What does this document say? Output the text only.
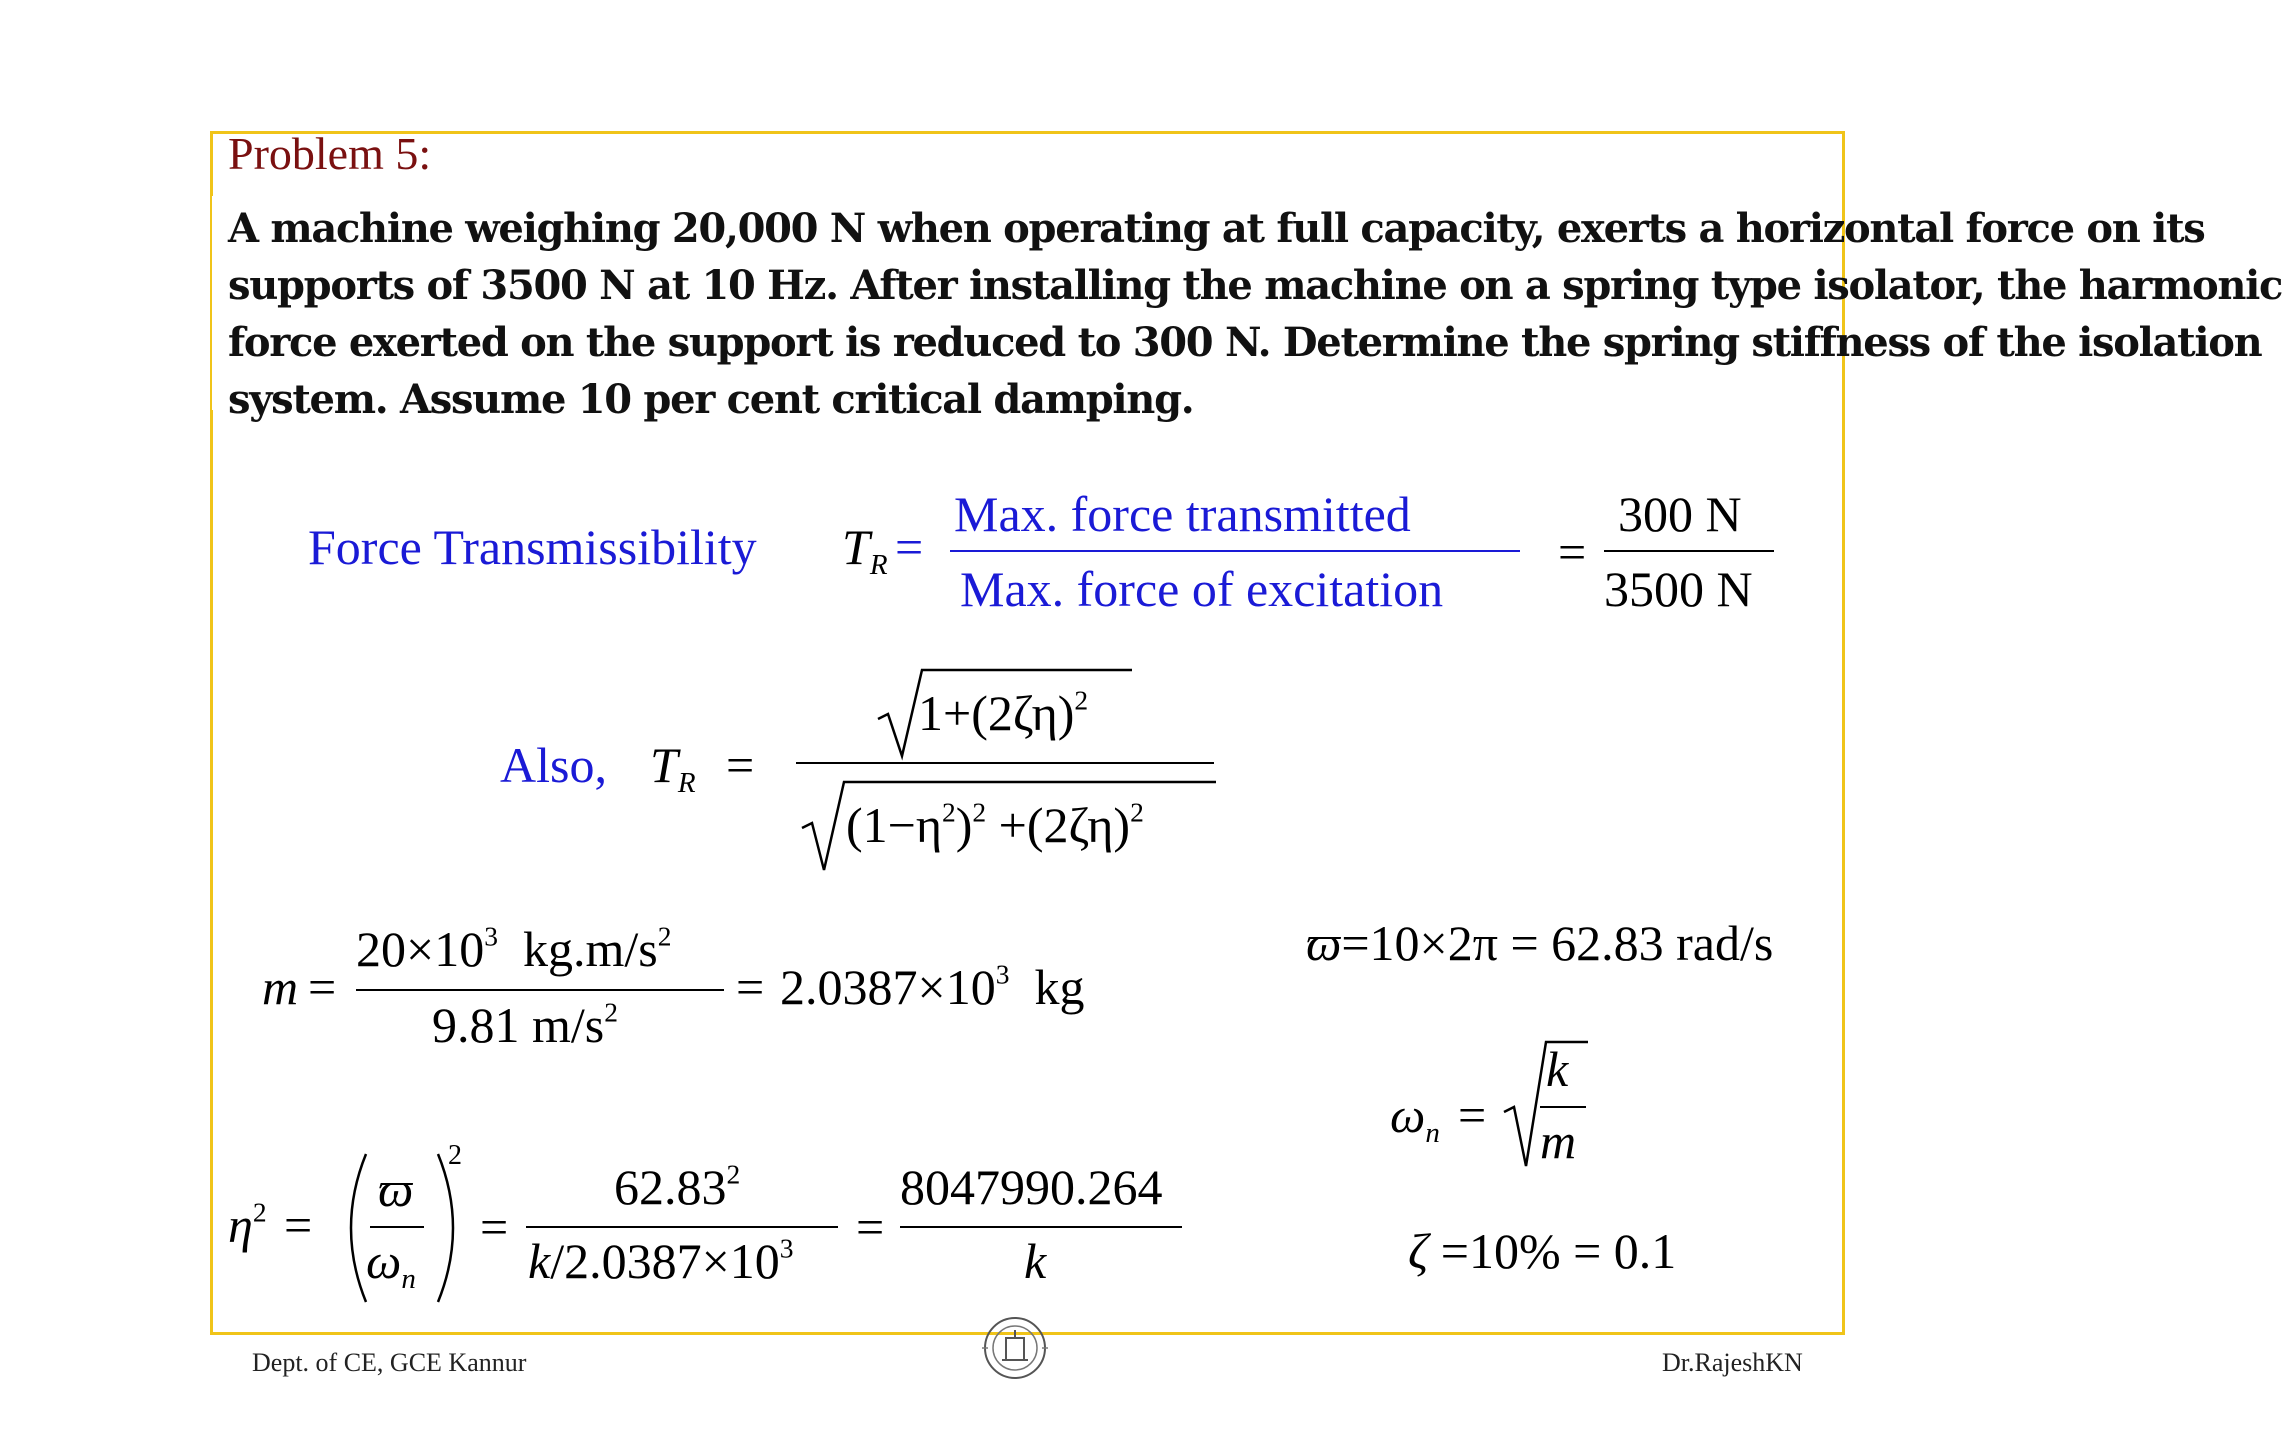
Problem 5:
A machine weighing 20,000 N when operating at full capacity, exerts a horizontal force on its
supports of 3500 N at 10 Hz. After installing the machine on a spring type isolator, the harmonic
force exerted on the support is reduced to 300 N. Determine the spring stiffness of the isolation
system. Assume 10 per cent critical damping.
Force Transmissibility $T_R$ =
Max. force transmitted
Max. force of excitation
=
300 N
3500 N
Also, $T_R$ =
$1+(2\zeta\eta)^2$
$(1-\eta^2)^2 +(2\zeta\eta)^2$
m =
$20\times 10^3$ $kg.m/s^2$
9.81 $m/s^2 = 2.0387\times 10^3$ kg
ϖ=10×2π = 62.83 rad/s
$\omega_n$ =
k
m
ζ =10% = 0.1
$\eta^2$ =
ϖ
$\omega_n$
2
=
$62.83^2$
$k/2.0387\times 10^3$ =
8047990.264
k
Dept. of CE, GCE Kannur	Dr.RajeshKN
